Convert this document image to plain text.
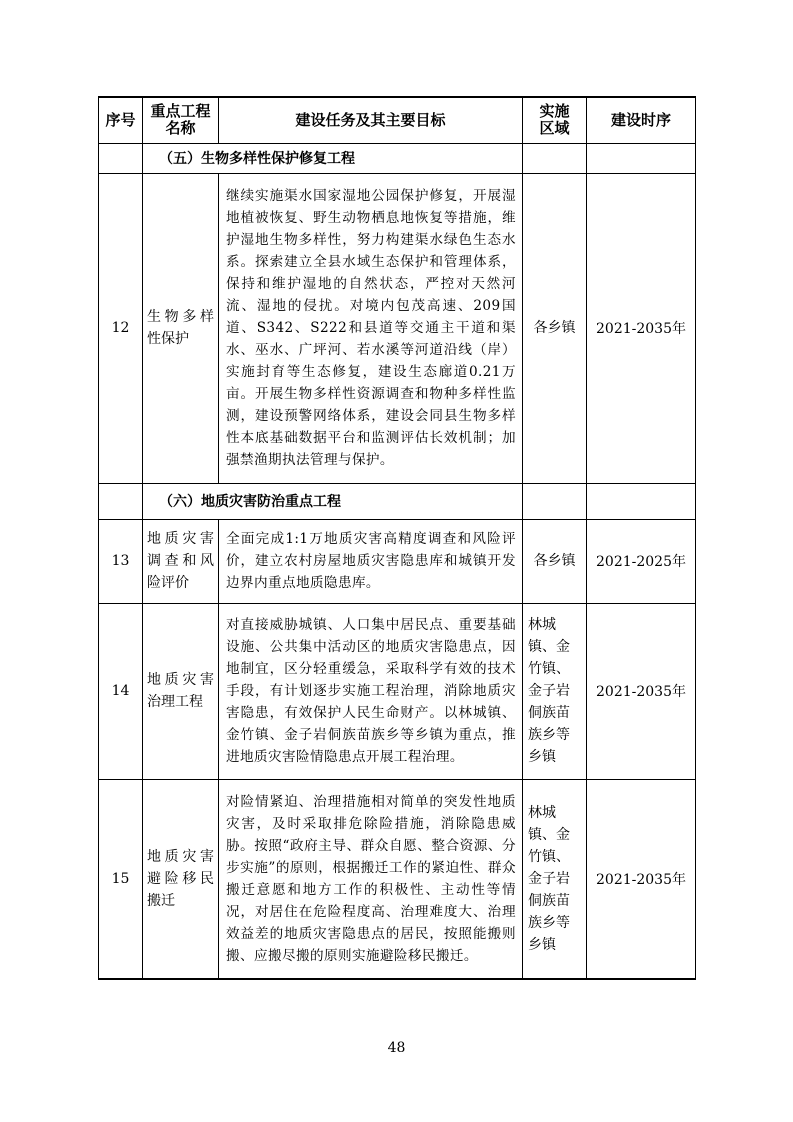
序号	重点工程名称	建设任务及其主要目标	实施区域	建设时序
	（五）生物多样性保护修复工程			
12	生物多样性保护	继续实施渠水国家湿地公园保护修复，开展湿地植被恢复、野生动物栖息地恢复等措施，维护湿地生物多样性，努力构建渠水绿色生态水系。探索建立全县水域生态保护和管理体系，保持和维护湿地的自然状态，严控对天然河流、湿地的侵扰。对境内包茂高速、209国道、S342、S222和县道等交通主干道和渠水、巫水、广坪河、若水溪等河道沿线（岸）实施封育等生态修复，建设生态廊道0.21万亩。开展生物多样性资源调查和物种多样性监测，建设预警网络体系，建设会同县生物多样性本底基础数据平台和监测评估长效机制；加强禁渔期执法管理与保护。	各乡镇	2021-2035年
	（六）地质灾害防治重点工程			
13	地质灾害调查和风险评价	全面完成1:1万地质灾害高精度调查和风险评价，建立农村房屋地质灾害隐患库和城镇开发边界内重点地质隐患库。	各乡镇	2021-2025年
14	地质灾害治理工程	对直接威胁城镇、人口集中居民点、重要基础设施、公共集中活动区的地质灾害隐患点，因地制宜，区分轻重缓急，采取科学有效的技术手段，有计划逐步实施工程治理，消除地质灾害隐患，有效保护人民生命财产。以林城镇、金竹镇、金子岩侗族苗族乡等乡镇为重点，推进地质灾害险情隐患点开展工程治理。	林城镇、金竹镇、金子岩侗族苗族乡等乡镇	2021-2035年
15	地质灾害避险移民搬迁	对险情紧迫、治理措施相对简单的突发性地质灾害，及时采取排危除险措施，消除隐患威胁。按照“政府主导、群众自愿、整合资源、分步实施”的原则，根据搬迁工作的紧迫性、群众搬迁意愿和地方工作的积极性、主动性等情况，对居住在危险程度高、治理难度大、治理效益差的地质灾害隐患点的居民，按照能搬则搬、应搬尽搬的原则实施避险移民搬迁。	林城镇、金竹镇、金子岩侗族苗族乡等乡镇	2021-2035年
48
